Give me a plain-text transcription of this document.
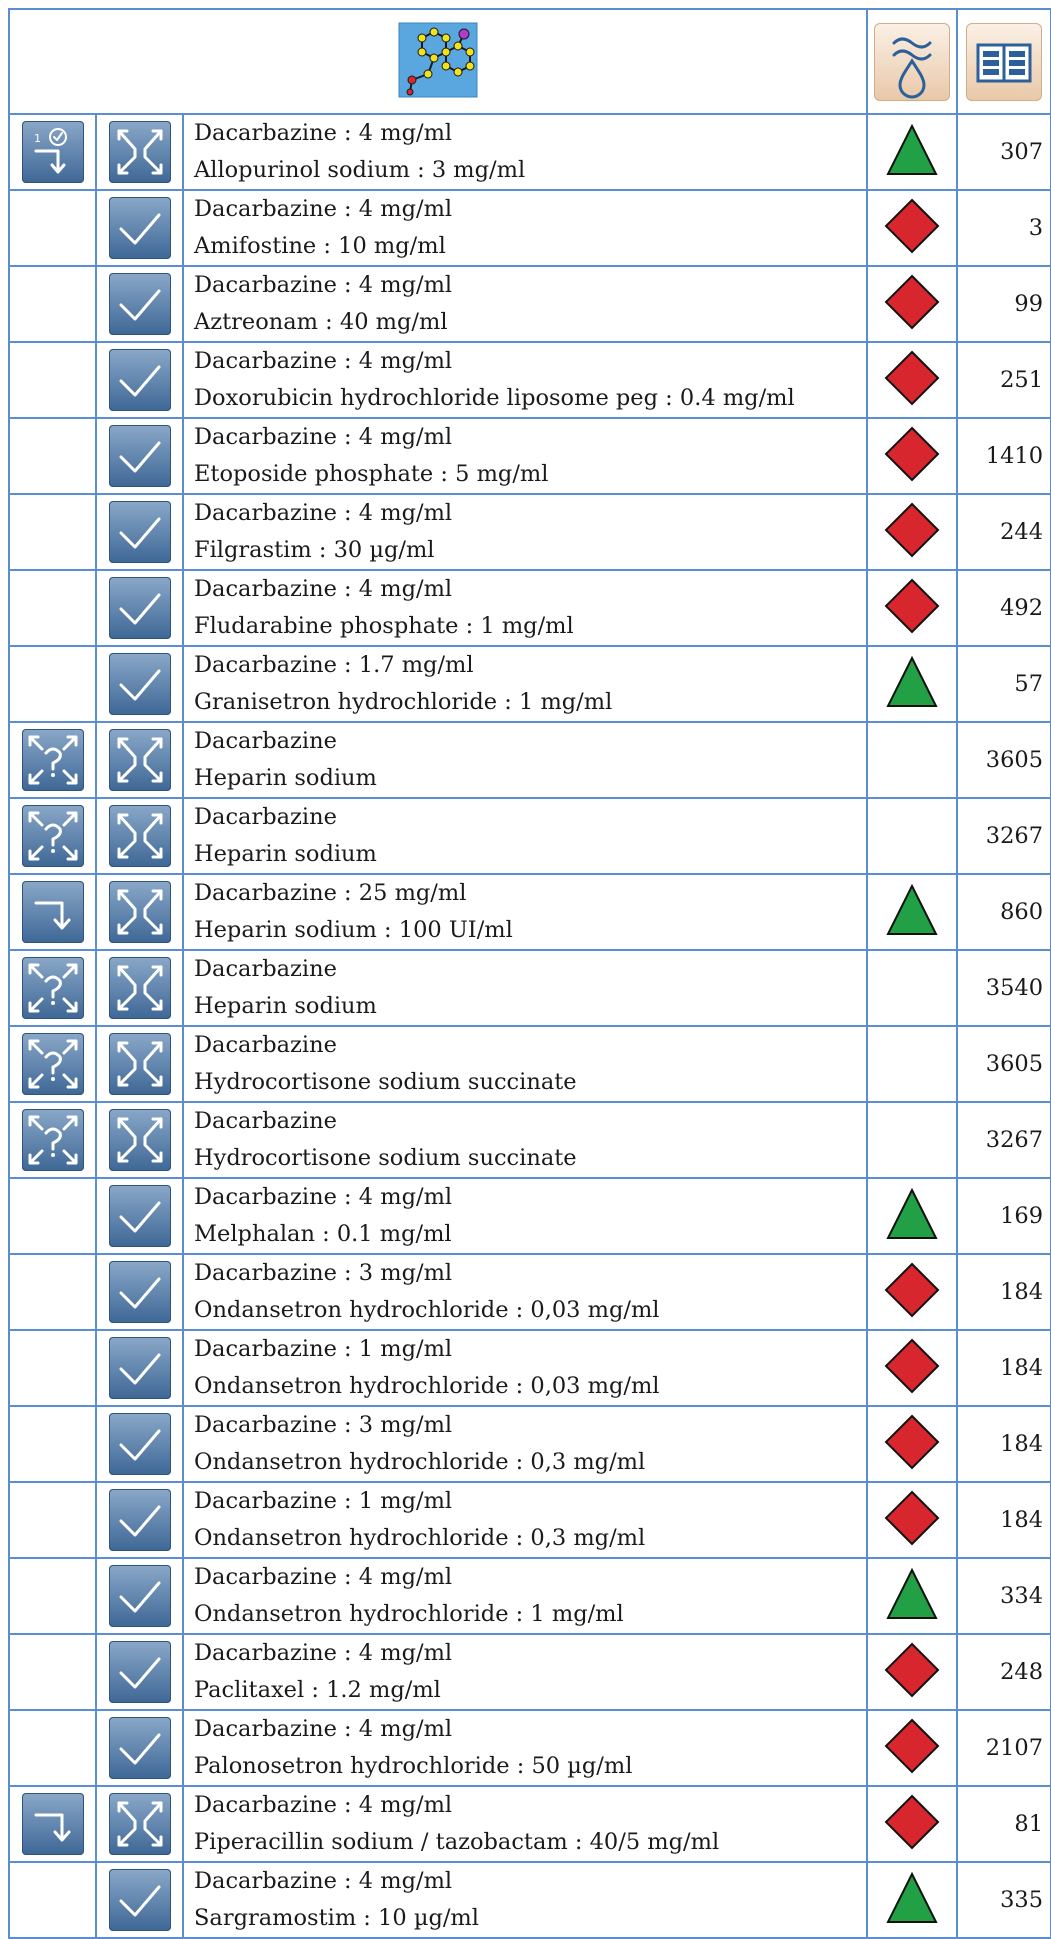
1		Dacarbazine : 4 mg/ml
Allopurinol sodium : 3 mg/ml		307

Dacarbazine : 4 mg/ml
Amifostine : 10 mg/ml		3

Dacarbazine : 4 mg/ml
Aztreonam : 40 mg/ml		99

Dacarbazine : 4 mg/ml
Doxorubicin hydrochloride liposome peg : 0.4 mg/ml		251

Dacarbazine : 4 mg/ml
Etoposide phosphate : 5 mg/ml		1410

Dacarbazine : 4 mg/ml
Filgrastim : 30 µg/ml		244

Dacarbazine : 4 mg/ml
Fludarabine phosphate : 1 mg/ml		492

Dacarbazine : 1.7 mg/ml
Granisetron hydrochloride : 1 mg/ml		57

Dacarbazine
Heparin sodium		3605

Dacarbazine
Heparin sodium		3267

Dacarbazine : 25 mg/ml
Heparin sodium : 100 UI/ml		860

Dacarbazine
Heparin sodium		3540

Dacarbazine
Hydrocortisone sodium succinate		3605

Dacarbazine
Hydrocortisone sodium succinate		3267

Dacarbazine : 4 mg/ml
Melphalan : 0.1 mg/ml		169

Dacarbazine : 3 mg/ml
Ondansetron hydrochloride : 0,03 mg/ml		184

Dacarbazine : 1 mg/ml
Ondansetron hydrochloride : 0,03 mg/ml		184

Dacarbazine : 3 mg/ml
Ondansetron hydrochloride : 0,3 mg/ml		184

Dacarbazine : 1 mg/ml
Ondansetron hydrochloride : 0,3 mg/ml		184

Dacarbazine : 4 mg/ml
Ondansetron hydrochloride : 1 mg/ml		334

Dacarbazine : 4 mg/ml
Paclitaxel : 1.2 mg/ml		248

Dacarbazine : 4 mg/ml
Palonosetron hydrochloride : 50 µg/ml		2107

Dacarbazine : 4 mg/ml
Piperacillin sodium / tazobactam : 40/5 mg/ml		81

Dacarbazine : 4 mg/ml
Sargramostim : 10 µg/ml		335
